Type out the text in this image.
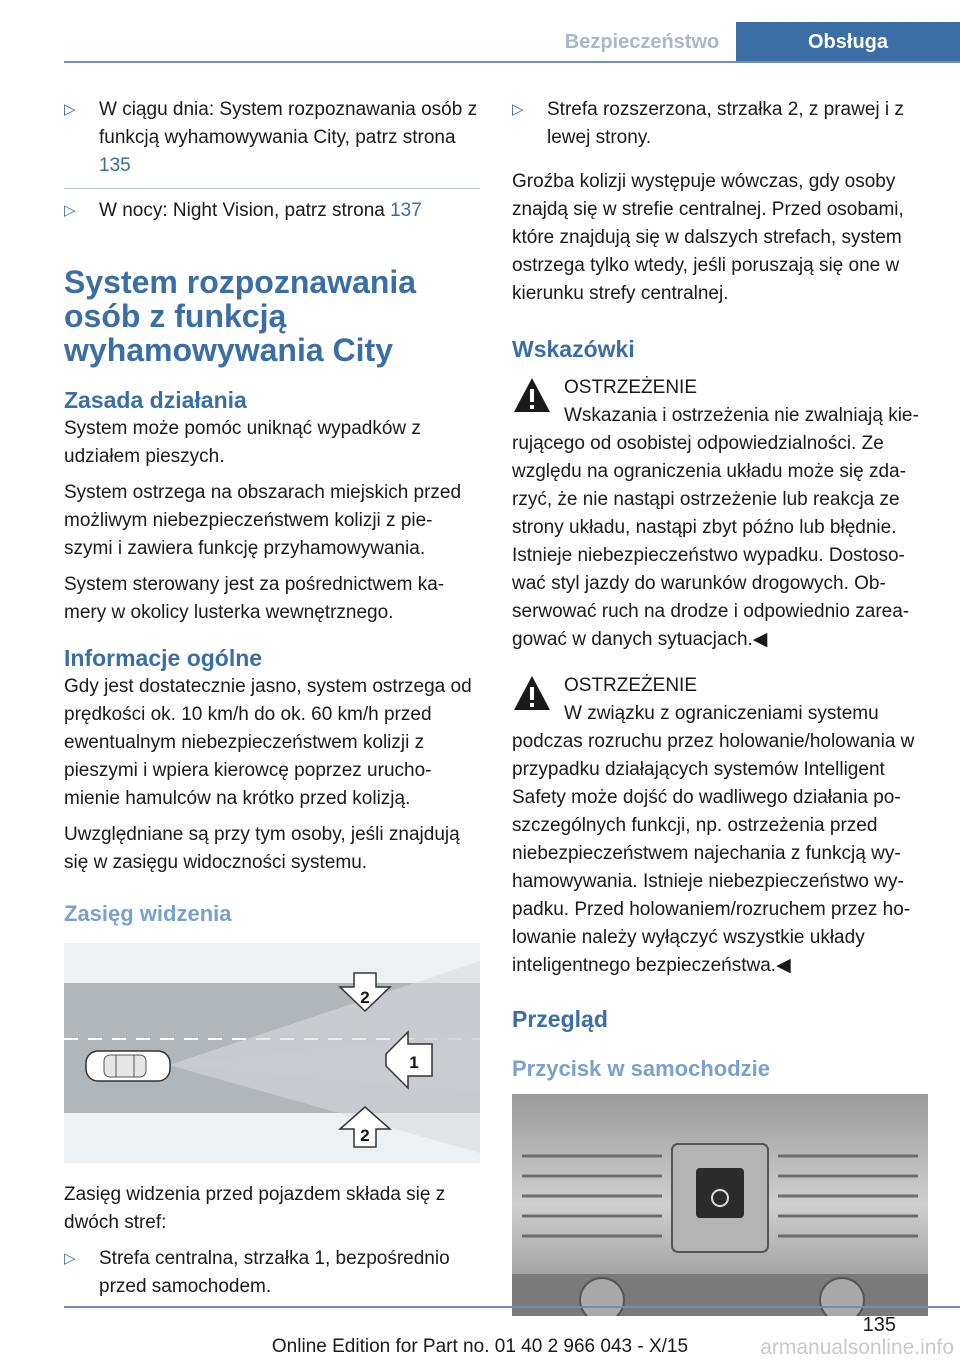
Bezpieczeństwo	Obsługa
▷ W ciągu dnia: System rozpoznawania osób z funkcją wyhamowywania City, patrz strona 135
▷ W nocy: Night Vision, patrz strona 137
System rozpoznawania osób z funkcją wyhamowywania City
Zasada działania

System może pomóc uniknąć wypadków z udziałem pieszych.

System ostrzega na obszarach miejskich przed możliwym niebezpieczeństwem kolizji z pie‐szymi i zawiera funkcję przyhamowywania.

System sterowany jest za pośrednictwem ka‐mery w okolicy lusterka wewnętrznego.

Informacje ogólne

Gdy jest dostatecznie jasno, system ostrzega od prędkości ok. 10 km/h do ok. 60 km/h przed ewentualnym niebezpieczeństwem kolizji z pieszymi i wpiera kierowcę poprzez urucho‐mienie hamulców na krótko przed kolizją.

Uwzględniane są przy tym osoby, jeśli znajdują się w zasięgu widoczności systemu.

Zasięg widzenia
2
1
2

Zasięg widzenia przed pojazdem składa się z dwóch stref:

▷ Strefa centralna, strzałka 1, bezpośrednio przed samochodem.
▷ Strefa rozszerzona, strzałka 2, z prawej i z lewej strony.

Groźba kolizji występuje wówczas, gdy osoby znajdą się w strefie centralnej. Przed osobami, które znajdują się w dalszych strefach, system ostrzega tylko wtedy, jeśli poruszają się one w kierunku strefy centralnej.

Wskazówki
OSTRZEŻENIE
Wskazania i ostrzeżenia nie zwalniają kie‐rującego od osobistej odpowiedzialności. Ze względu na ograniczenia układu może się zda‐rzyć, że nie nastąpi ostrzeżenie lub reakcja ze strony układu, nastąpi zbyt późno lub błędnie. Istnieje niebezpieczeństwo wypadku. Dostoso‐wać styl jazdy do warunków drogowych. Ob‐serwować ruch na drodze i odpowiednio zarea‐gować w danych sytuacjach.◀
OSTRZEŻENIE
W związku z ograniczeniami systemu podczas rozruchu przez holowanie/holowania w przypadku działających systemów Intelligent Safety może dojść do wadliwego działania po‐szczególnych funkcji, np. ostrzeżenia przed niebezpieczeństwem najechania z funkcją wy‐hamowywania. Istnieje niebezpieczeństwo wy‐padku. Przed holowaniem/rozruchem przez ho‐lowanie należy wyłączyć wszystkie układy inteligentnego bezpieczeństwa.◀
Przegląd
Przycisk w samochodzie
135
Online Edition for Part no. 01 40 2 966 043 - X/15	armanualsonline.info
